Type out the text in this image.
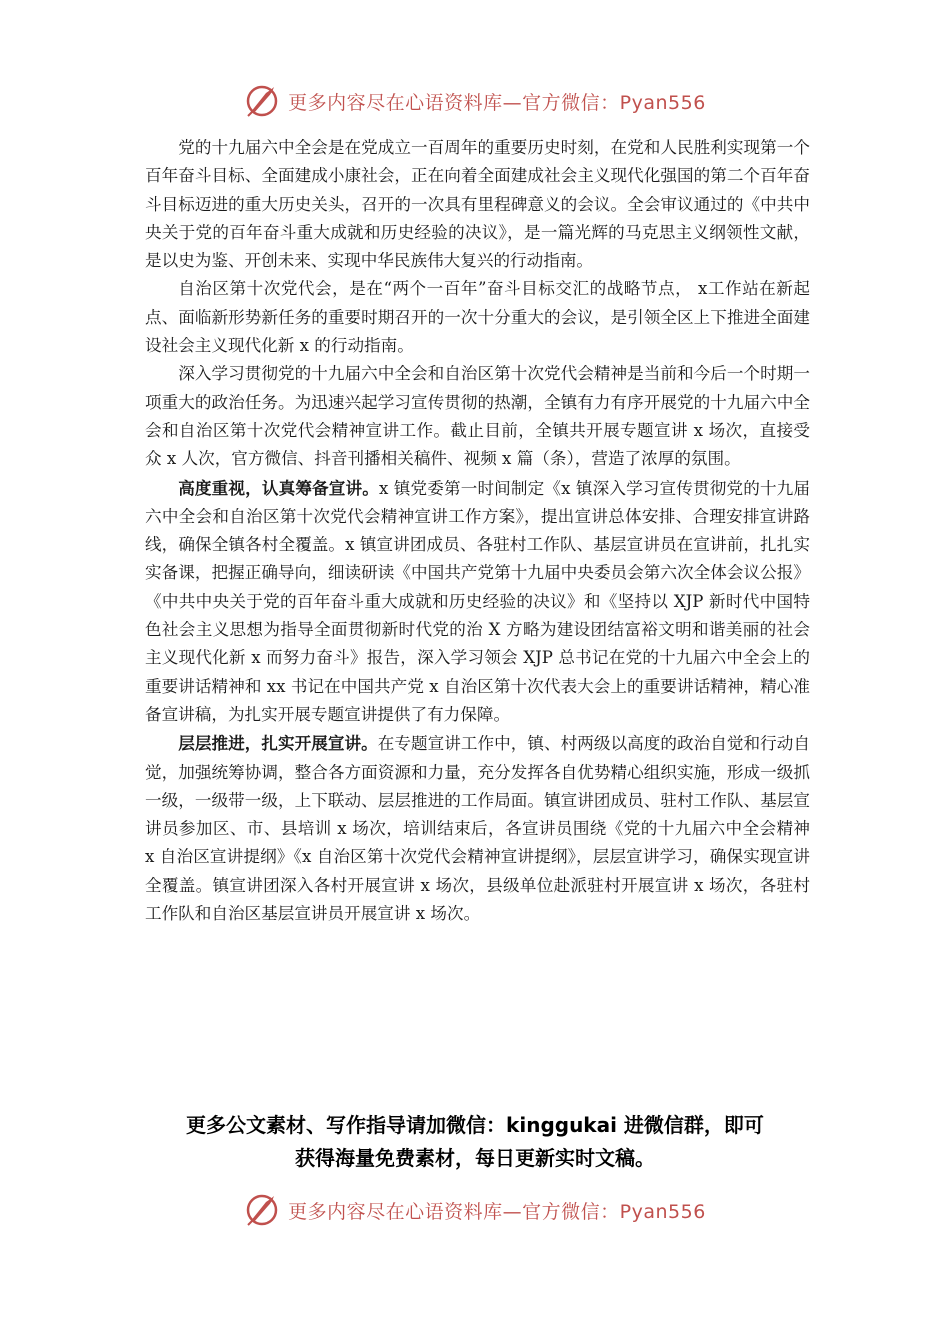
更多内容尽在心语资料库—官方微信：Pyan556

党的十九届六中全会是在党成立一百周年的重要历史时刻，在党和人民胜利实现第一个百年奋斗目标、全面建成小康社会，正在向着全面建成社会主义现代化强国的第二个百年奋斗目标迈进的重大历史关头，召开的一次具有里程碑意义的会议。全会审议通过的《中共中央关于党的百年奋斗重大成就和历史经验的决议》，是一篇光辉的马克思主义纲领性文献，是以史为鉴、开创未来、实现中华民族伟大复兴的行动指南。

自治区第十次党代会，是在“两个一百年”奋斗目标交汇的战略节点， x工作站在新起点、面临新形势新任务的重要时期召开的一次十分重大的会议，是引领全区上下推进全面建设社会主义现代化新 x 的行动指南。

深入学习贯彻党的十九届六中全会和自治区第十次党代会精神是当前和今后一个时期一项重大的政治任务。为迅速兴起学习宣传贯彻的热潮，全镇有力有序开展党的十九届六中全会和自治区第十次党代会精神宣讲工作。截止目前，全镇共开展专题宣讲 x 场次，直接受众 x 人次，官方微信、抖音刊播相关稿件、视频 x 篇（条），营造了浓厚的氛围。

高度重视，认真筹备宣讲。x 镇党委第一时间制定《x 镇深入学习宣传贯彻党的十九届六中全会和自治区第十次党代会精神宣讲工作方案》，提出宣讲总体安排、合理安排宣讲路线，确保全镇各村全覆盖。x 镇宣讲团成员、各驻村工作队、基层宣讲员在宣讲前，扎扎实实备课，把握正确导向，细读研读《中国共产党第十九届中央委员会第六次全体会议公报》《中共中央关于党的百年奋斗重大成就和历史经验的决议》和《坚持以 XJP 新时代中国特色社会主义思想为指导全面贯彻新时代党的治 X 方略为建设团结富裕文明和谐美丽的社会主义现代化新 x 而努力奋斗》报告，深入学习领会 XJP 总书记在党的十九届六中全会上的重要讲话精神和 xx 书记在中国共产党 x 自治区第十次代表大会上的重要讲话精神，精心准备宣讲稿，为扎实开展专题宣讲提供了有力保障。

层层推进，扎实开展宣讲。在专题宣讲工作中，镇、村两级以高度的政治自觉和行动自觉，加强统筹协调，整合各方面资源和力量，充分发挥各自优势精心组织实施，形成一级抓一级，一级带一级，上下联动、层层推进的工作局面。镇宣讲团成员、驻村工作队、基层宣讲员参加区、市、县培训 x 场次，培训结束后，各宣讲员围绕《党的十九届六中全会精神 x 自治区宣讲提纲》《x 自治区第十次党代会精神宣讲提纲》，层层宣讲学习，确保实现宣讲全覆盖。镇宣讲团深入各村开展宣讲 x 场次，县级单位赴派驻村开展宣讲 x 场次，各驻村工作队和自治区基层宣讲员开展宣讲 x 场次。

更多公文素材、写作指导请加微信：kinggukai 进微信群，即可
获得海量免费素材，每日更新实时文稿。
更多内容尽在心语资料库—官方微信：Pyan556
